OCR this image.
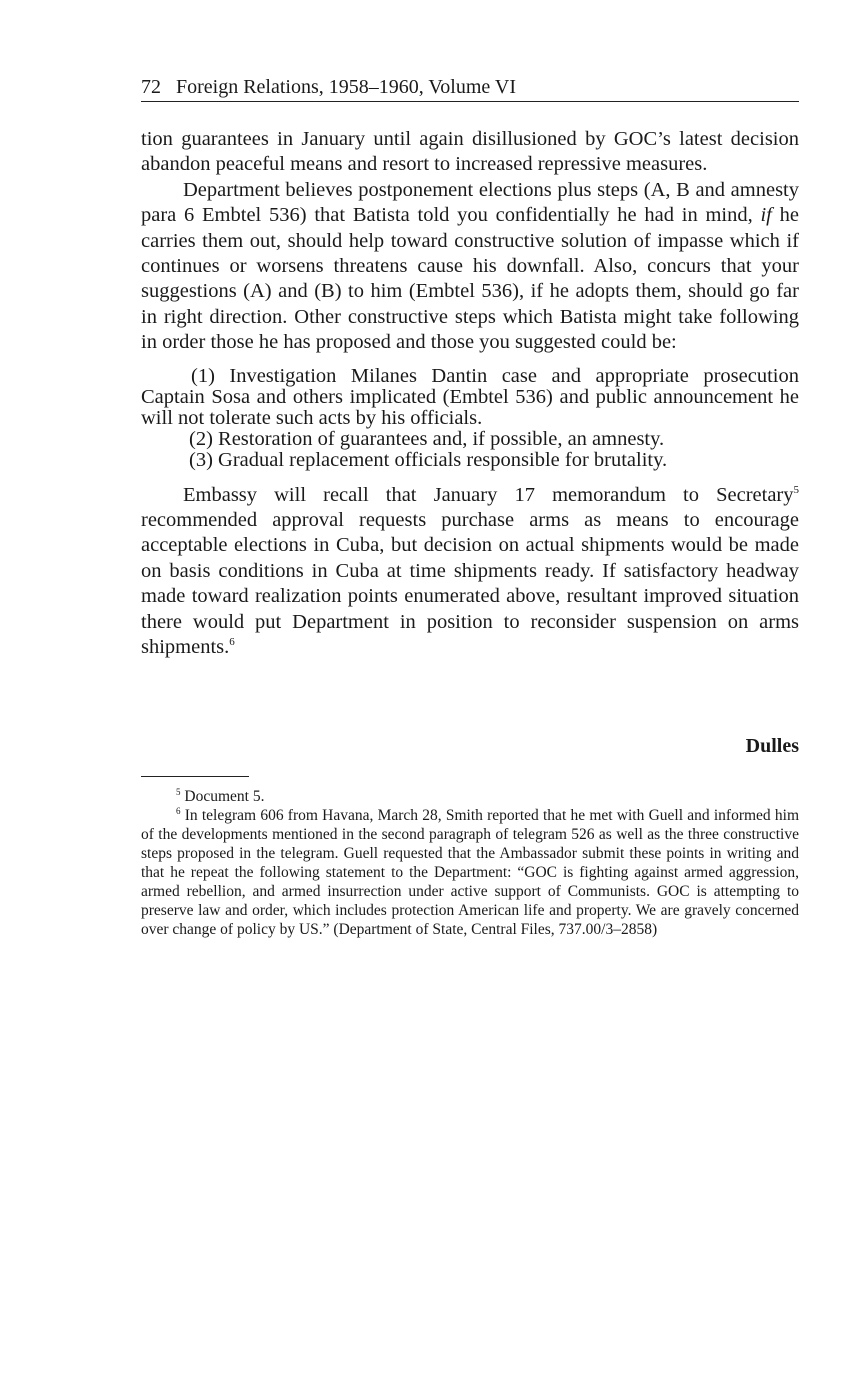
72 Foreign Relations, 1958–1960, Volume VI

tion guarantees in January until again disillusioned by GOC’s latest decision abandon peaceful means and resort to increased repressive measures.

Department believes postponement elections plus steps (A, B and amnesty para 6 Embtel 536) that Batista told you confidentially he had in mind, if he carries them out, should help toward constructive solution of impasse which if continues or worsens threatens cause his downfall. Also, concurs that your suggestions (A) and (B) to him (Embtel 536), if he adopts them, should go far in right direction. Other constructive steps which Batista might take following in order those he has proposed and those you suggested could be:

(1) Investigation Milanes Dantin case and appropriate prosecution Captain Sosa and others implicated (Embtel 536) and public announcement he will not tolerate such acts by his officials.

(2) Restoration of guarantees and, if possible, an amnesty.

(3) Gradual replacement officials responsible for brutality.

Embassy will recall that January 17 memorandum to Secretary$^5$ recommended approval requests purchase arms as means to encourage acceptable elections in Cuba, but decision on actual shipments would be made on basis conditions in Cuba at time shipments ready. If satisfactory headway made toward realization points enumerated above, resultant improved situation there would put Department in position to reconsider suspension on arms shipments.$^6$

Dulles

$^5$ Document 5.

$^6$ In telegram 606 from Havana, March 28, Smith reported that he met with Guell and informed him of the developments mentioned in the second paragraph of telegram 526 as well as the three constructive steps proposed in the telegram. Guell requested that the Ambassador submit these points in writing and that he repeat the following statement to the Department: “GOC is fighting against armed aggression, armed rebellion, and armed insurrection under active support of Communists. GOC is attempting to preserve law and order, which includes protection American life and property. We are gravely concerned over change of policy by US.” (Department of State, Central Files, 737.00/3–2858)
